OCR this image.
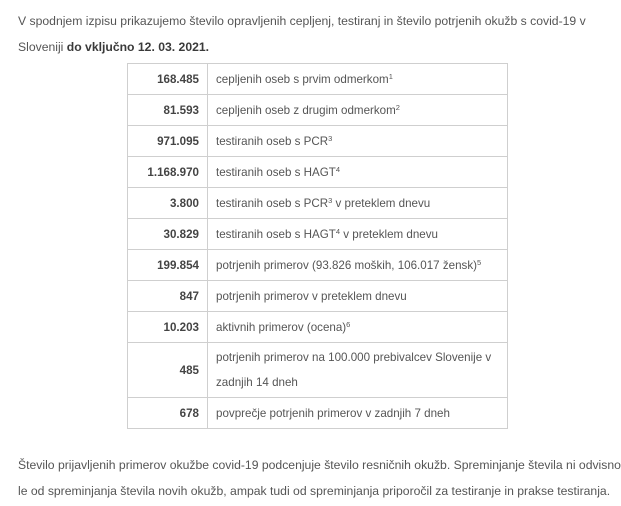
V spodnjem izpisu prikazujemo število opravljenih cepljenj, testiranj in število potrjenih okužb s covid-19 v Sloveniji do vključno 12. 03. 2021.

168.485	cepljenih oseb s prvim odmerkom$^1$
81.593	cepljenih oseb z drugim odmerkom$^2$
971.095	testiranih oseb s PCR$^3$
1.168.970	testiranih oseb s HAGT$^4$
3.800	testiranih oseb s PCR$^3$ v preteklem dnevu
30.829	testiranih oseb s HAGT$^4$ v preteklem dnevu
199.854	potrjenih primerov (93.826 moških, 106.017 žensk)$^5$
847	potrjenih primerov v preteklem dnevu
10.203	aktivnih primerov (ocena)$^6$
485	potrjenih primerov na 100.000 prebivalcev Slovenije v zadnjih 14 dneh
678	povprečje potrjenih primerov v zadnjih 7 dneh

Število prijavljenih primerov okužbe covid-19 podcenjuje število resničnih okužb. Spreminjanje števila ni odvisno le od spreminjanja števila novih okužb, ampak tudi od spreminjanja priporočil za testiranje in prakse testiranja.
